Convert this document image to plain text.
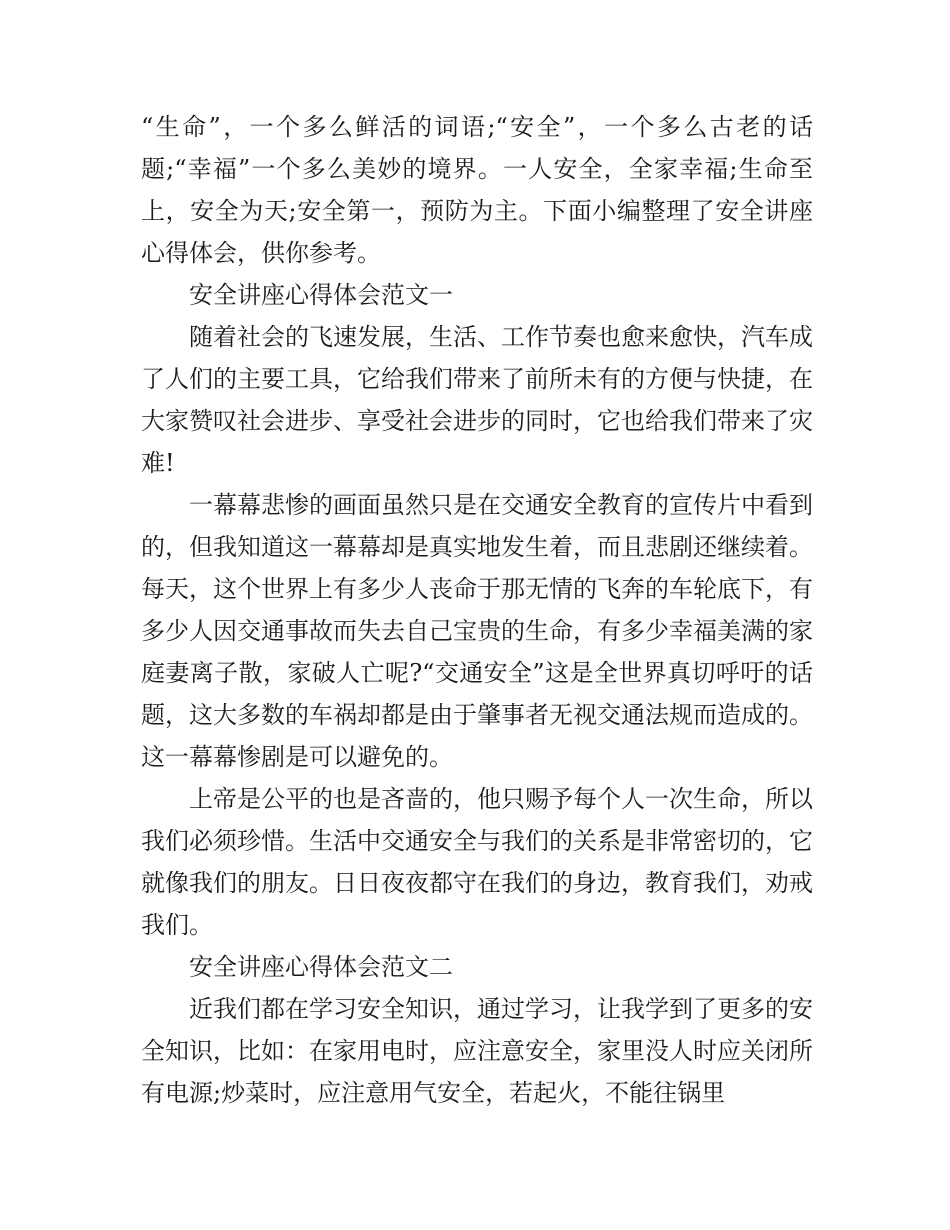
“生命”，一个多么鲜活的词语;“安全”，一个多么古老的话题;“幸福”一个多么美妙的境界。一人安全，全家幸福;生命至上，安全为天;安全第一，预防为主。下面小编整理了安全讲座心得体会，供你参考。

安全讲座心得体会范文一

随着社会的飞速发展，生活、工作节奏也愈来愈快，汽车成了人们的主要工具，它给我们带来了前所未有的方便与快捷，在大家赞叹社会进步、享受社会进步的同时，它也给我们带来了灾难!

一幕幕悲惨的画面虽然只是在交通安全教育的宣传片中看到的，但我知道这一幕幕却是真实地发生着，而且悲剧还继续着。每天，这个世界上有多少人丧命于那无情的飞奔的车轮底下，有多少人因交通事故而失去自己宝贵的生命，有多少幸福美满的家庭妻离子散，家破人亡呢?“交通安全”这是全世界真切呼吁的话题，这大多数的车祸却都是由于肇事者无视交通法规而造成的。这一幕幕惨剧是可以避免的。

上帝是公平的也是吝啬的，他只赐予每个人一次生命，所以我们必须珍惜。生活中交通安全与我们的关系是非常密切的，它就像我们的朋友。日日夜夜都守在我们的身边，教育我们，劝戒我们。

安全讲座心得体会范文二

近我们都在学习安全知识，通过学习，让我学到了更多的安全知识，比如：在家用电时，应注意安全，家里没人时应关闭所有电源;炒菜时，应注意用气安全，若起火，不能往锅里
